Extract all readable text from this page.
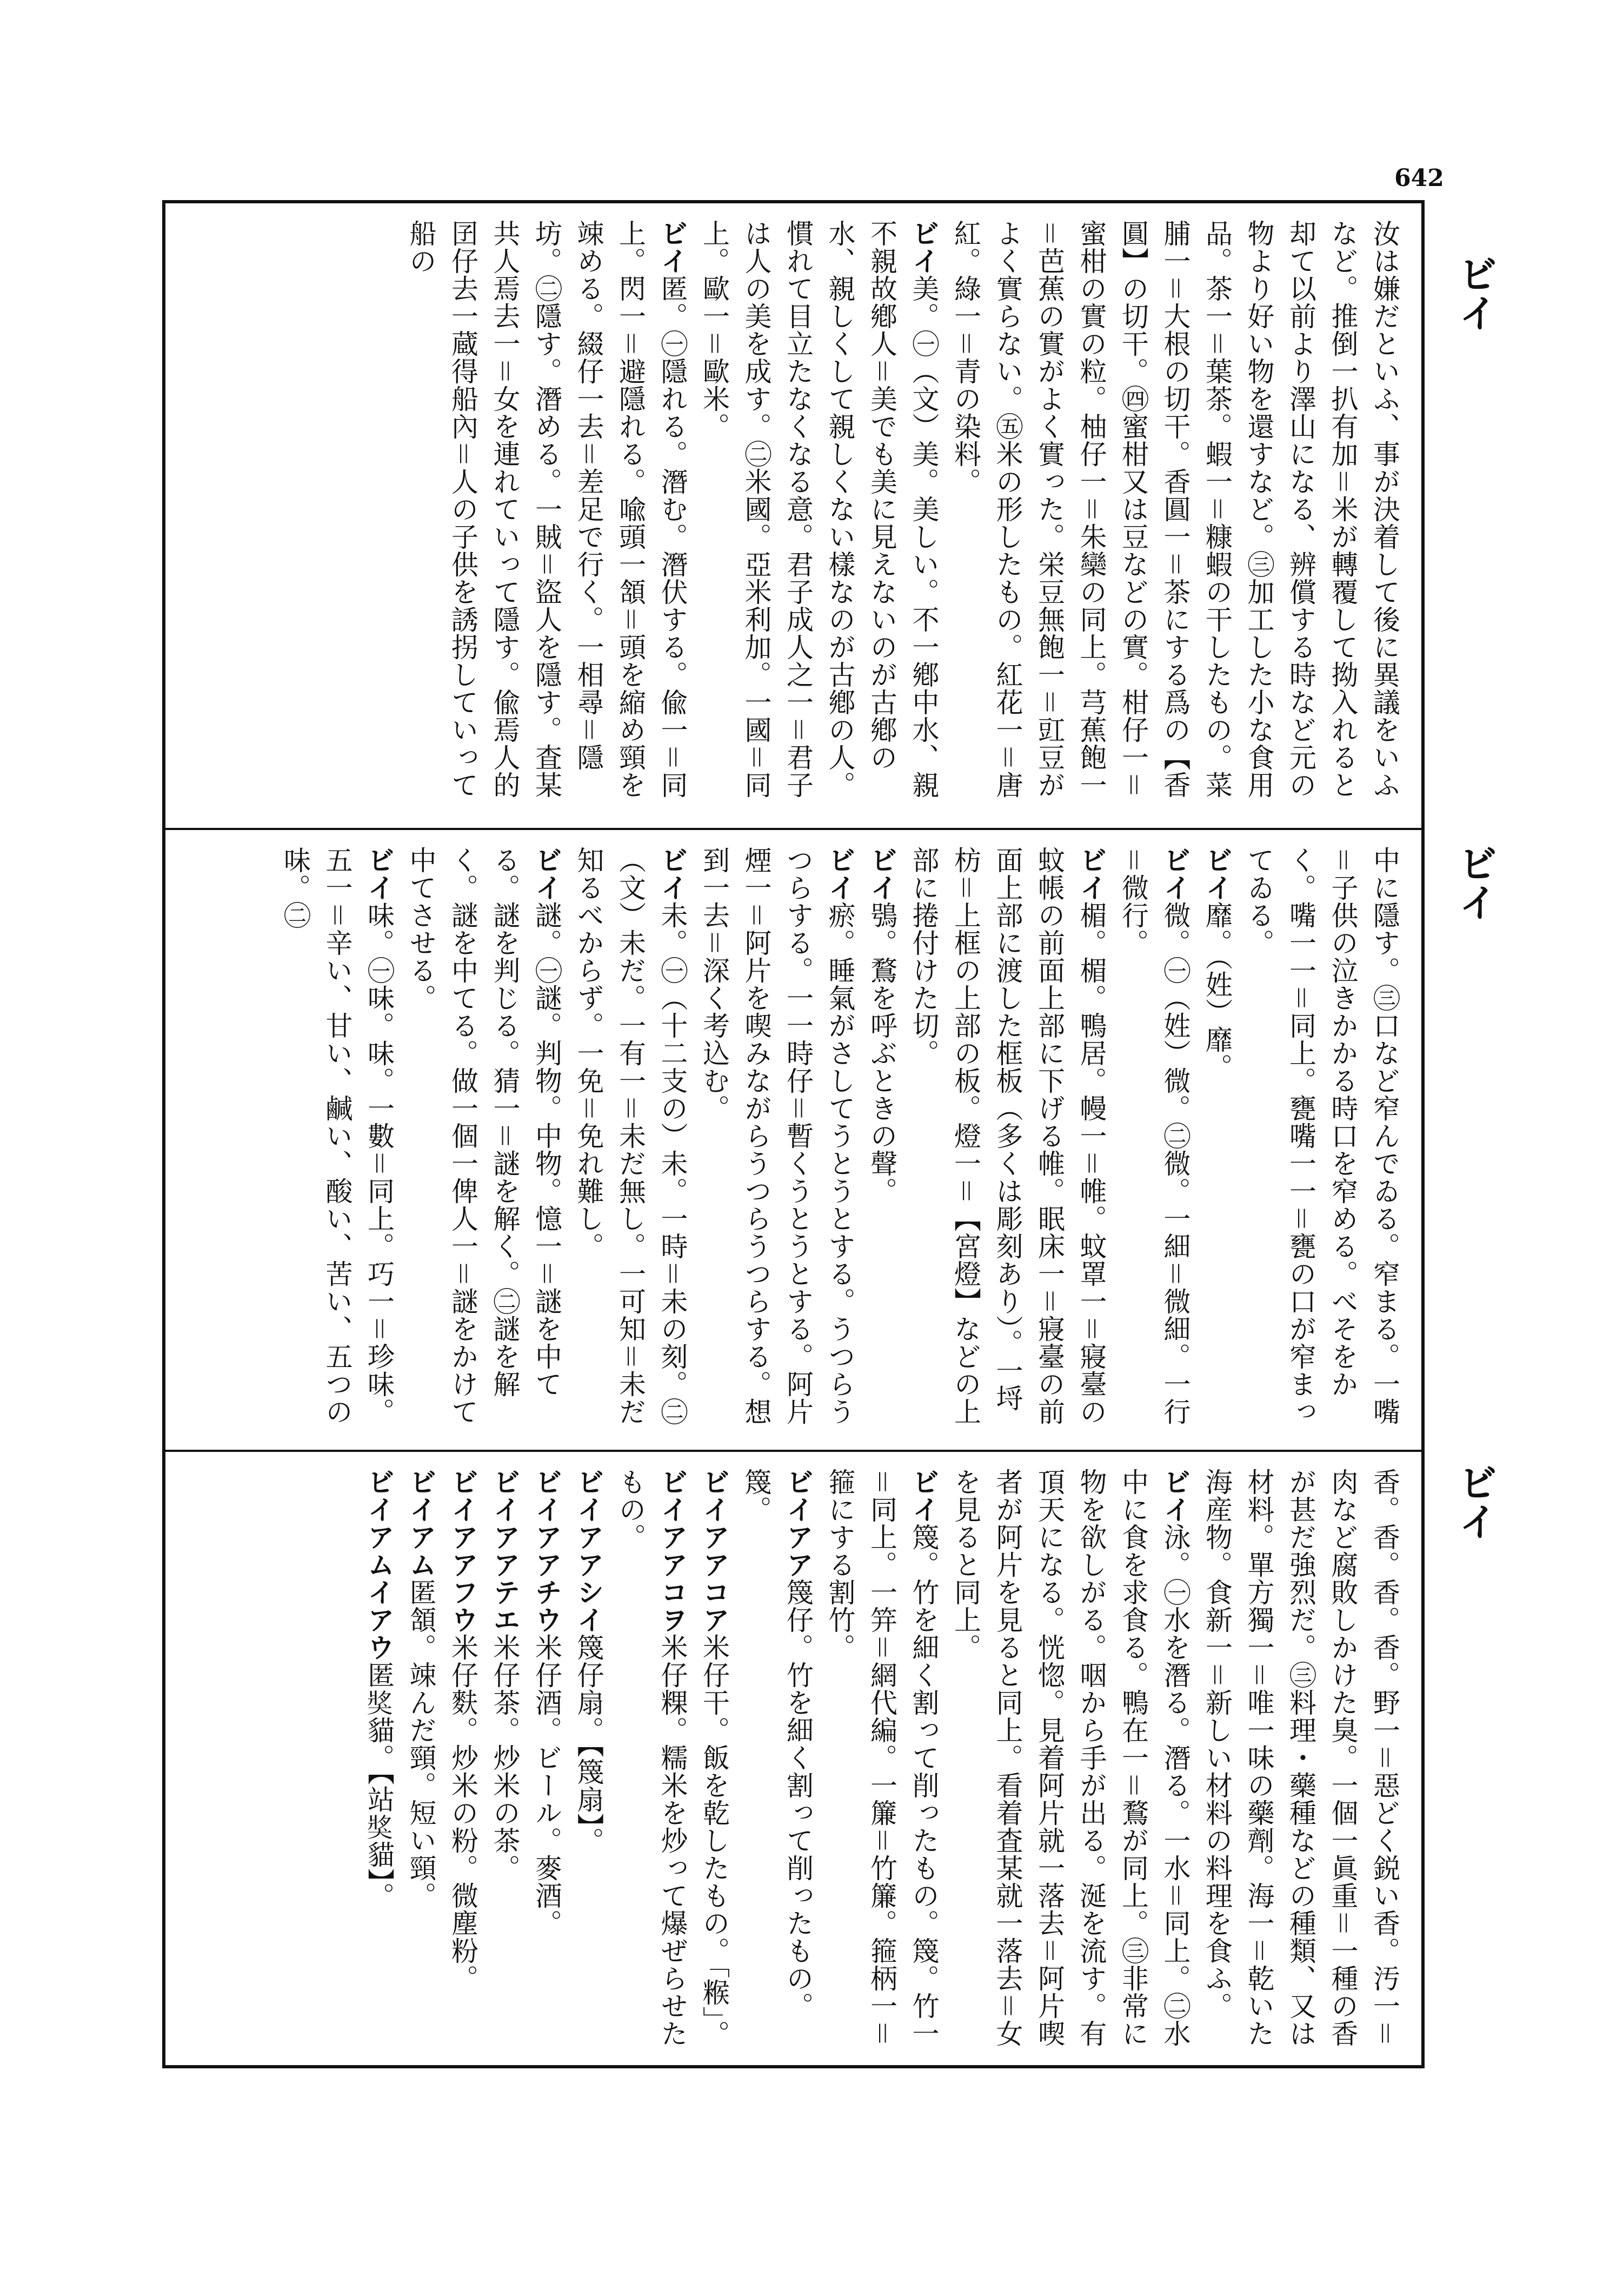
642
汝は嫌だといふ、事が決着して後に異議をいふなど。推倒一扒有加＝米が轉覆して拗入れると却て以前より澤山になる、辨償する時など元の物より好い物を還すなど。㊂加工した小な食用品。茶一＝葉茶。蝦一＝糠蝦の干したもの。菜脯一＝大根の切干。香圓一＝茶にする爲の【香圓】の切干。㊃蜜柑又は豆などの實。柑仔一＝蜜柑の實の粒。柚仔一＝朱欒の同上。芎蕉飽一＝芭蕉の實がよく實った。栄豆無飽一＝豇豆がよく實らない。㊄米の形したもの。紅花一＝唐紅。綠一＝青の染料。
ビイ美。㊀（文）美。美しい。不一鄕中水、親不親故鄕人＝美でも美に見えないのが古鄕の水、親しくして親しくない樣なのが古鄕の人。慣れて目立たなくなる意。君子成人之一＝君子は人の美を成す。㊁米國。亞米利加。一國＝同上。歐一＝歐米。
ビイ匿。㊀隱れる。潛む。潛伏する。偸一＝同上。閃一＝避隱れる。喩頭一頷＝頭を縮め頸を竦める。綴仔一去＝差足で行く。一相尋＝隱坊。㊁隱す。潛める。一賊＝盜人を隱す。査某共人焉去一＝女を連れていって隱す。偸焉人的囝仔去一蔵得船內＝人の子供を誘拐していって船の
中に隱す。㊂口など窄んでゐる。窄まる。一嘴＝子供の泣きかかる時口を窄める。べそをかく。嘴一一＝同上。甕嘴一一＝甕の口が窄まってゐる。
ビイ靡。（姓）靡。
ビイ微。㊀（姓）微。㊁微。一細＝微細。一行＝微行。
ビイ楣。楣。鴨居。幔一＝帷。蚊罩一＝寢臺の蚊帳の前面上部に下げる帷。眠床一＝寢臺の前面上部に渡した框板（多くは彫刻あり）。一埒枋＝上框の上部の板。燈一＝【宮燈】などの上部に捲付けた切。
ビイ鴞。鶩を呼ぶときの聲。
ビイ瘀。睡氣がさしてうとうとする。うつらうつらする。一一時仔＝暫くうとうとする。阿片煙一＝阿片を喫みながらうつらうつらする。想到一去＝深く考込む。
ビイ未。㊀（十二支の）未。一時＝未の刻。㊁（文）未だ。一有一＝未だ無し。一可知＝未だ知るべからず。一免＝免れ難し。
ビイ謎。㊀謎。判物。中物。憶一＝謎を中てる。謎を判じる。猜一＝謎を解く。㊁謎を解く。謎を中てる。做一個一俾人一＝謎をかけて中てさせる。
ビイ味。㊀味。味。一數＝同上。巧一＝珍味。五一＝辛い、甘い、鹹い、酸い、苦い、五つの味。㊁
香。香。香。香。野一＝惡どく鋭い香。汚一＝肉など腐敗しかけた臭。一個一眞重＝一種の香が甚だ強烈だ。㊂料理・藥種などの種類、又は材料。單方獨一＝唯一味の藥劑。海一＝乾いた海産物。食新一＝新しい材料の料理を食ふ。
ビイ泳。㊀水を潛る。潛る。一水＝同上。㊁水中に食を求食る。鴨在一＝鶩が同上。㊂非常に物を欲しがる。咽から手が出る。涎を流す。有頂天になる。恍惚。見着阿片就一落去＝阿片喫者が阿片を見ると同上。看着査某就一落去＝女を見ると同上。
ビイ篾。竹を細く割って削ったもの。篾。竹一＝同上。一笄＝網代編。一簾＝竹簾。箍柄一＝箍にする割竹。
ビイアア篾仔。竹を細く割って削ったもの。篾。
ビイアアコア米仔干。飯を乾したもの。「糇」。
ビイアアコヲ米仔粿。糯米を炒って爆ぜらせたもの。
ビイアアシイ篾仔扇。【篾扇】。
ビイアアチウ米仔酒。ビール。麥酒。
ビイアアテエ米仔茶。炒米の茶。
ビイアアフウ米仔麩。炒米の粉。微塵粉。
ビイアム匿頷。竦んだ頸。短い頸。
ビイアムイアウ匿𤟒貓。【站𤟒貓】。
ビイ
ビイ
ビイ
